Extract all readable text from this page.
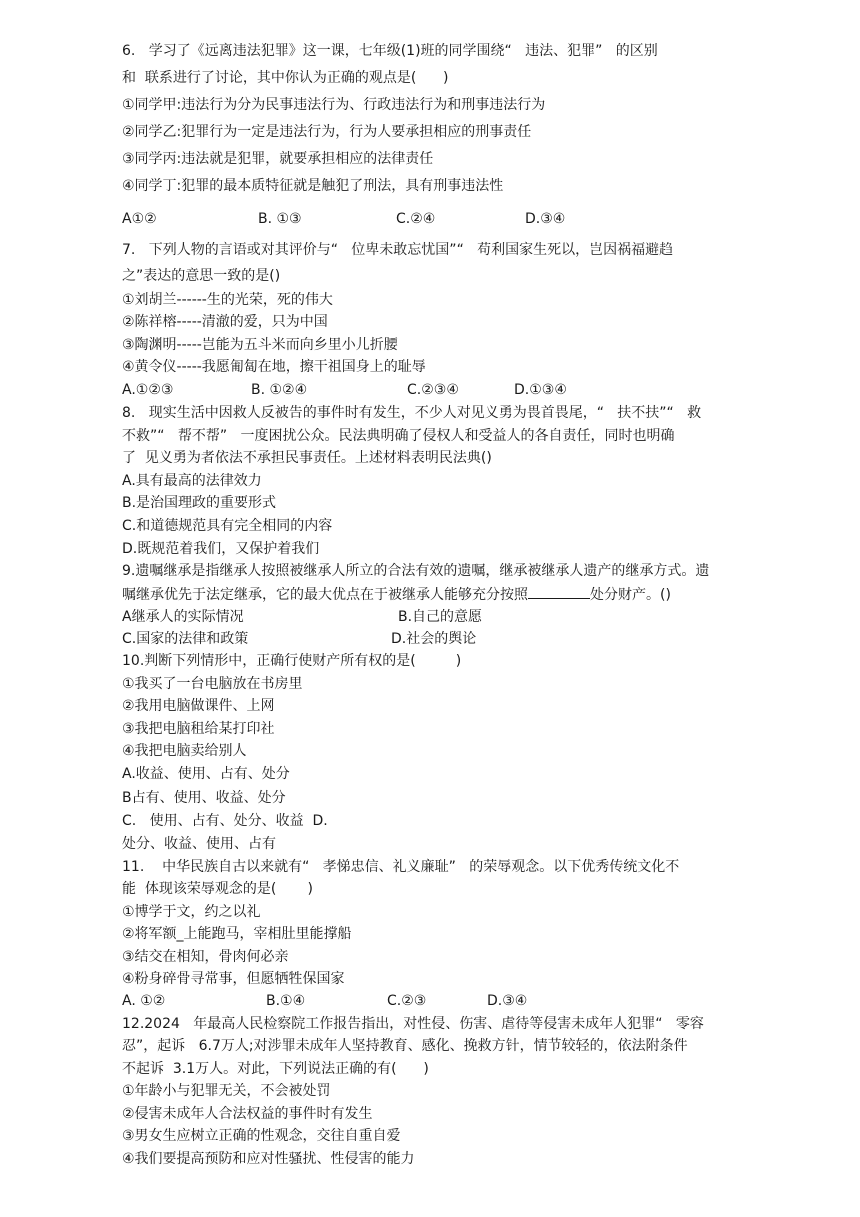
6.   学习了《远离违法犯罪》这一课，七年级(1)班的同学围绕“   违法、犯罪”   的区别
和  联系进行了讨论，其中你认为正确的观点是(      )
①同学甲:违法行为分为民事违法行为、行政违法行为和刑事违法行为
②同学乙:犯罪行为一定是违法行为，行为人要承担相应的刑事责任
③同学丙:违法就是犯罪，就要承担相应的法律责任
④同学丁:犯罪的最本质特征就是触犯了刑法，具有刑事违法性
A①②	B. ①③	C.②④	D.③④
7.   下列人物的言语或对其评价与“   位卑未敢忘忧国”“   苟利国家生死以，岂因祸福避趋
之”表达的意思一致的是()
①刘胡兰------生的光荣，死的伟大
②陈祥榕-----清澈的爱，只为中国
③陶渊明-----岂能为五斗米而向乡里小儿折腰
④黄令仪-----我愿匍匐在地，擦干祖国身上的耻辱
A.①②③	B. ①②④	C.②③④	D.①③④
8.   现实生活中因救人反被告的事件时有发生，不少人对见义勇为畏首畏尾，“   扶不扶”“   救
不救”“   帮不帮”   一度困扰公众。民法典明确了侵权人和受益人的各自责任，同时也明确
了  见义勇为者依法不承担民事责任。上述材料表明民法典()
A.具有最高的法律效力
B.是治国理政的重要形式
C.和道德规范具有完全相同的内容
D.既规范着我们，又保护着我们
9.遗嘱继承是指继承人按照被继承人所立的合法有效的遗嘱，继承被继承人遗产的继承方式。遗
嘱继承优先于法定继承，它的最大优点在于被继承人能够充分按照	处分财产。()
A继承人的实际情况	B.自己的意愿
C.国家的法律和政策	D.社会的舆论
10.判断下列情形中，正确行使财产所有权的是(         )
①我买了一台电脑放在书房里
②我用电脑做课件、上网
③我把电脑租给某打印社
④我把电脑卖给别人
A.收益、使用、占有、处分
B占有、使用、收益、处分
C.   使用、占有、处分、收益  D.
处分、收益、使用、占有
11.    中华民族自古以来就有“   孝悌忠信、礼义廉耻”   的荣辱观念。以下优秀传统文化不
能  体现该荣辱观念的是(       )
①博学于文，约之以礼
②将军额_上能跑马，宰相肚里能撑船
③结交在相知，骨肉何必亲
④粉身碎骨寻常事，但愿牺牲保国家
A. ①②	B.①④	C.②③	D.③④
12.2024   年最高人民检察院工作报告指出，对性侵、伤害、虐待等侵害未成年人犯罪“   零容
忍”，起诉   6.7万人;对涉罪未成年人坚持教育、感化、挽救方针，情节较轻的，依法附条件
不起诉  3.1万人。对此，下列说法正确的有(      )
①年龄小与犯罪无关，不会被处罚
②侵害未成年人合法权益的事件时有发生
③男女生应树立正确的性观念，交往自重自爱
④我们要提高预防和应对性骚扰、性侵害的能力
